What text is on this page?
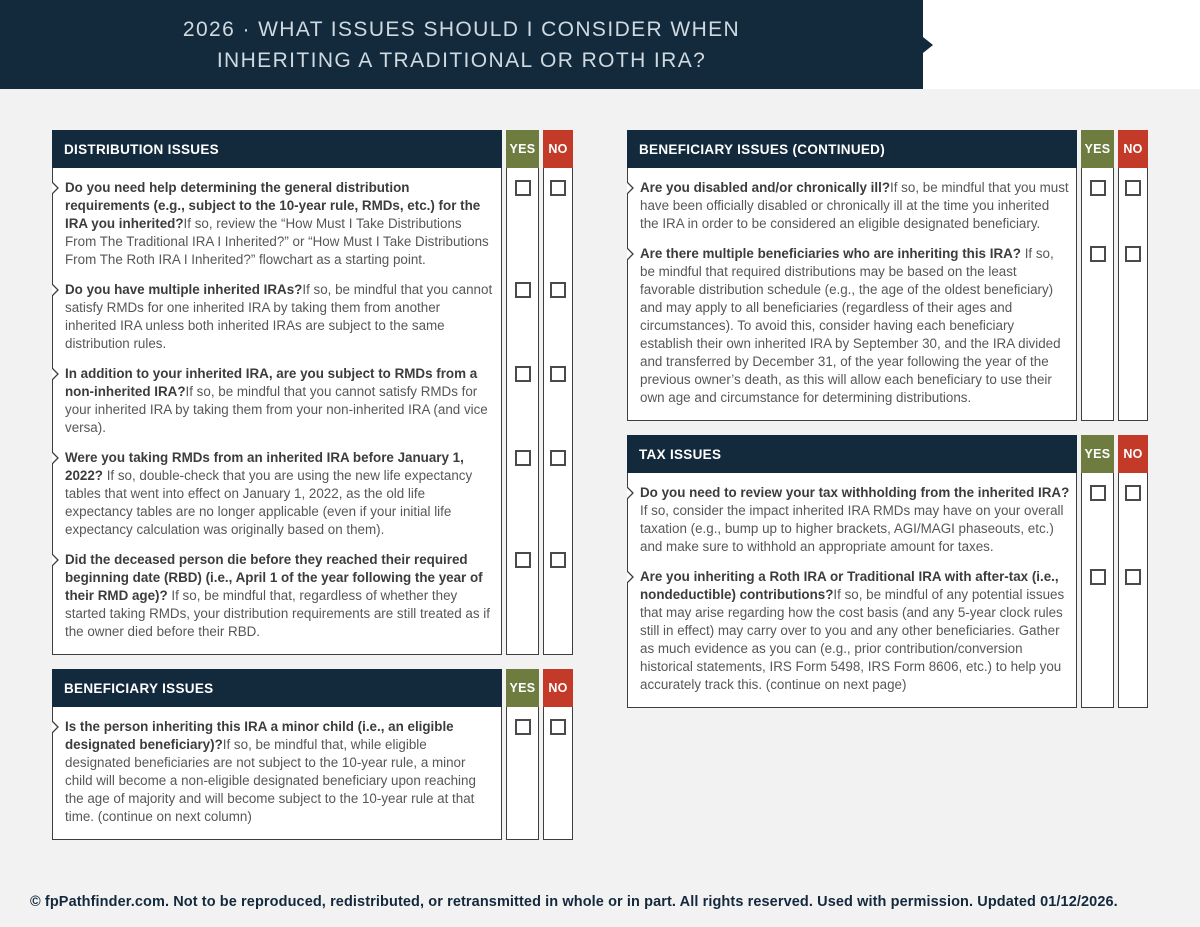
2026 · WHAT ISSUES SHOULD I CONSIDER WHEN
INHERITING A TRADITIONAL OR ROTH IRA?
DISTRIBUTION ISSUES	YES	NO
Do you need help determining the general distribution requirements (e.g., subject to the 10-year rule, RMDs, etc.) for the IRA you inherited?If so, review the “How Must I Take Distributions From The Traditional IRA I Inherited?” or “How Must I Take Distributions From The Roth IRA I Inherited?” flowchart as a starting point.
Do you have multiple inherited IRAs?If so, be mindful that you cannot satisfy RMDs for one inherited IRA by taking them from another inherited IRA unless both inherited IRAs are subject to the same distribution rules.
In addition to your inherited IRA, are you subject to RMDs from a non-inherited IRA?If so, be mindful that you cannot satisfy RMDs for your inherited IRA by taking them from your non-inherited IRA (and vice versa).
Were you taking RMDs from an inherited IRA before January 1, 2022? If so, double-check that you are using the new life expectancy tables that went into effect on January 1, 2022, as the old life expectancy tables are no longer applicable (even if your initial life expectancy calculation was originally based on them).
Did the deceased person die before they reached their required beginning date (RBD) (i.e., April 1 of the year following the year of their RMD age)? If so, be mindful that, regardless of whether they started taking RMDs, your distribution requirements are still treated as if the owner died before their RBD.
BENEFICIARY ISSUES	YES	NO
Is the person inheriting this IRA a minor child (i.e., an eligible designated beneficiary)?If so, be mindful that, while eligible designated beneficiaries are not subject to the 10-year rule, a minor child will become a non-eligible designated beneficiary upon reaching the age of majority and will become subject to the 10-year rule at that time. (continue on next column)
BENEFICIARY ISSUES (CONTINUED)	YES	NO
Are you disabled and/or chronically ill?If so, be mindful that you must have been officially disabled or chronically ill at the time you inherited the IRA in order to be considered an eligible designated beneficiary.
Are there multiple beneficiaries who are inheriting this IRA? If so, be mindful that required distributions may be based on the least favorable distribution schedule (e.g., the age of the oldest beneficiary) and may apply to all beneficiaries (regardless of their ages and circumstances). To avoid this, consider having each beneficiary establish their own inherited IRA by September 30, and the IRA divided and transferred by December 31, of the year following the year of the previous owner’s death, as this will allow each beneficiary to use their own age and circumstance for determining distributions.
TAX ISSUES	YES	NO
Do you need to review your tax withholding from the inherited IRA? If so, consider the impact inherited IRA RMDs may have on your overall taxation (e.g., bump up to higher brackets, AGI/MAGI phaseouts, etc.) and make sure to withhold an appropriate amount for taxes.
Are you inheriting a Roth IRA or Traditional IRA with after-tax (i.e., nondeductible) contributions?If so, be mindful of any potential issues that may arise regarding how the cost basis (and any 5-year clock rules still in effect) may carry over to you and any other beneficiaries. Gather as much evidence as you can (e.g., prior contribution/conversion historical statements, IRS Form 5498, IRS Form 8606, etc.) to help you accurately track this. (continue on next page)
© fpPathfinder.com. Not to be reproduced, redistributed, or retransmitted in whole or in part. All rights reserved. Used with permission. Updated 01/12/2026.
